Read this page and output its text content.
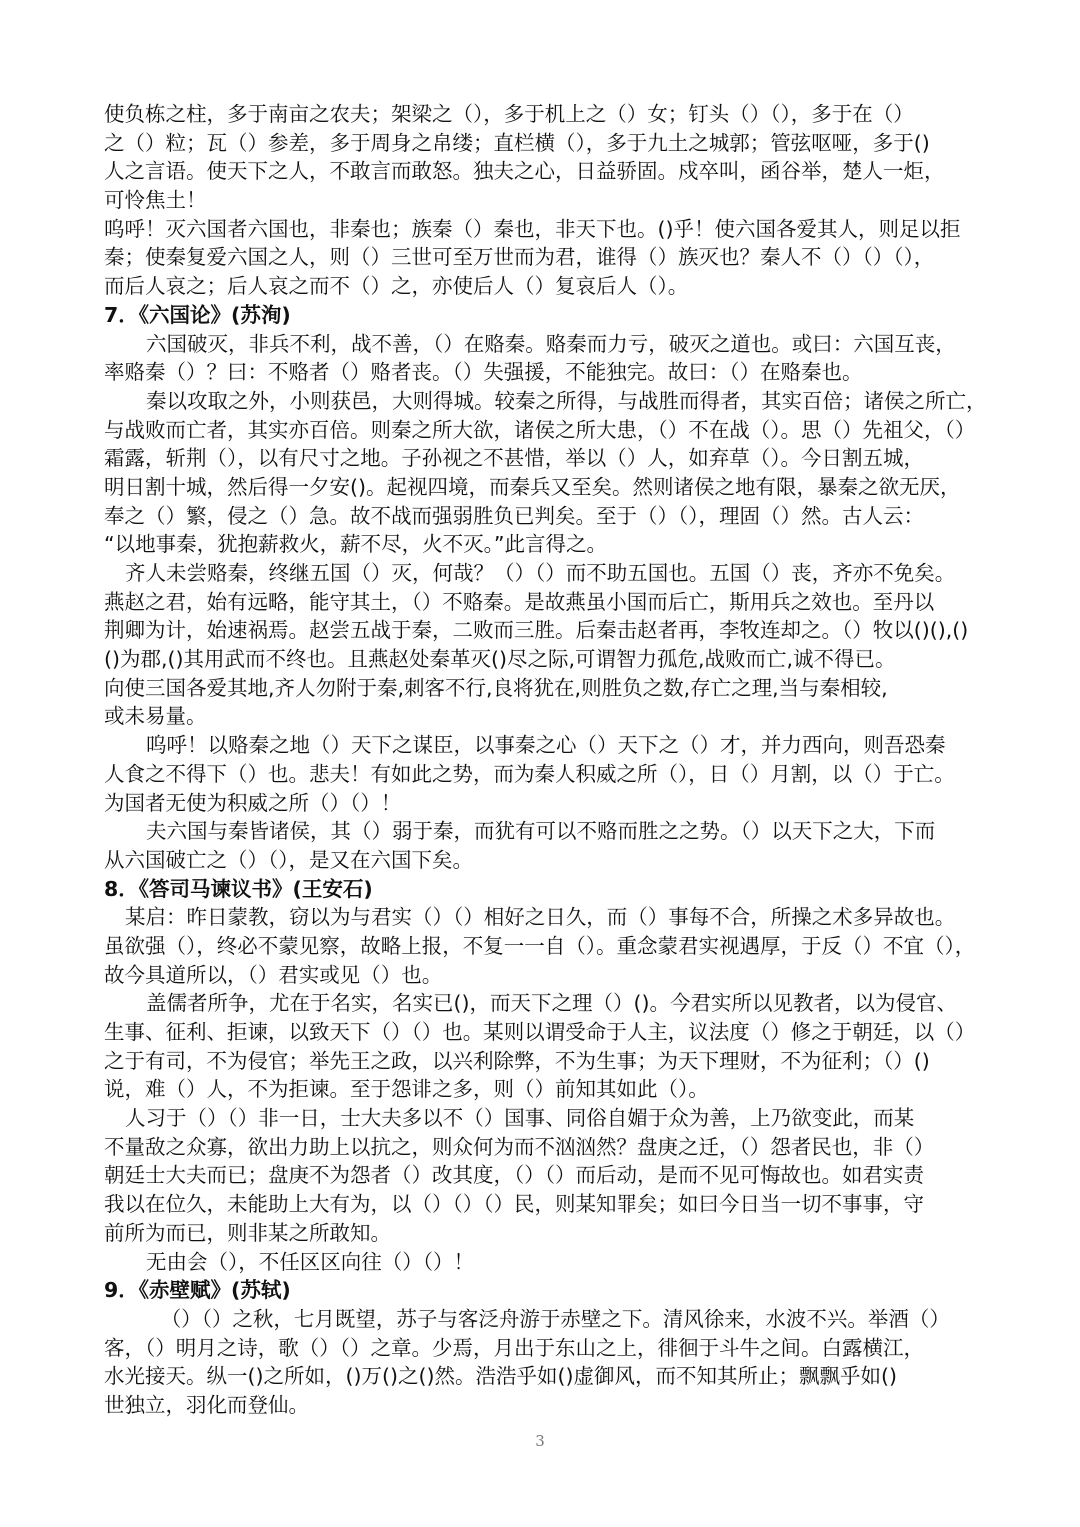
使负栋之柱，多于南亩之农夫；架梁之（），多于机上之（）女；钉头（）（），多于在（）
之（）粒；瓦（）参差，多于周身之帛缕；直栏横（），多于九土之城郭；管弦呕哑，多于()
人之言语。使天下之人，不敢言而敢怒。独夫之心，日益骄固。戍卒叫，函谷举，楚人一炬，
可怜焦土！
呜呼！灭六国者六国也，非秦也；族秦（）秦也，非天下也。()乎！使六国各爱其人，则足以拒
秦；使秦复爱六国之人，则（）三世可至万世而为君，谁得（）族灭也？秦人不（）（）（），
而后人哀之；后人哀之而不（）之，亦使后人（）复哀后人（）。
7．《六国论》(苏洵)
六国破灭，非兵不利，战不善，（）在赂秦。赂秦而力亏，破灭之道也。或曰：六国互丧，
率赂秦（）？曰：不赂者（）赂者丧。（）失强援，不能独完。故曰：（）在赂秦也。
秦以攻取之外，小则获邑，大则得城。较秦之所得，与战胜而得者，其实百倍；诸侯之所亡，
与战败而亡者，其实亦百倍。则秦之所大欲，诸侯之所大患，（）不在战（）。思（）先祖父，（）
霜露，斩荆（），以有尺寸之地。子孙视之不甚惜，举以（）人，如弃草（）。今日割五城，
明日割十城，然后得一夕安()。起视四境，而秦兵又至矣。然则诸侯之地有限，暴秦之欲无厌，
奉之（）繁，侵之（）急。故不战而强弱胜负已判矣。至于（）（），理固（）然。古人云：
“以地事秦，犹抱薪救火，薪不尽，火不灭。”此言得之。
齐人未尝赂秦，终继五国（）灭，何哉？（）（）而不助五国也。五国（）丧，齐亦不免矣。
燕赵之君，始有远略，能守其土，（）不赂秦。是故燕虽小国而后亡，斯用兵之效也。至丹以
荆卿为计，始速祸焉。赵尝五战于秦，二败而三胜。后秦击赵者再，李牧连却之。（）牧以()(),()
()为郡,()其用武而不终也。且燕赵处秦革灭()尽之际,可谓智力孤危,战败而亡,诚不得已。
向使三国各爱其地,齐人勿附于秦,刺客不行,良将犹在,则胜负之数,存亡之理,当与秦相较,
或未易量。
呜呼！以赂秦之地（）天下之谋臣，以事秦之心（）天下之（）才，并力西向，则吾恐秦
人食之不得下（）也。悲夫！有如此之势，而为秦人积威之所（），日（）月割，以（）于亡。
为国者无使为积威之所（）（）！
夫六国与秦皆诸侯，其（）弱于秦，而犹有可以不赂而胜之之势。（）以天下之大，下而
从六国破亡之（）（），是又在六国下矣。
8．《答司马谏议书》(王安石)
某启：昨日蒙教，窃以为与君实（）（）相好之日久，而（）事每不合，所操之术多异故也。
虽欲强（），终必不蒙见察，故略上报，不复一一自（）。重念蒙君实视遇厚，于反（）不宜（），
故今具道所以，（）君实或见（）也。
盖儒者所争，尤在于名实，名实已()，而天下之理（）()。今君实所以见教者，以为侵官、
生事、征利、拒谏，以致天下（）（）也。某则以谓受命于人主，议法度（）修之于朝廷，以（）
之于有司，不为侵官；举先王之政，以兴利除弊，不为生事；为天下理财，不为征利；（）()
说，难（）人，不为拒谏。至于怨诽之多，则（）前知其如此（）。
人习于（）（）非一日，士大夫多以不（）国事、同俗自媚于众为善，上乃欲变此，而某
不量敌之众寡，欲出力助上以抗之，则众何为而不汹汹然？盘庚之迁，（）怨者民也，非（）
朝廷士大夫而已；盘庚不为怨者（）改其度，（）（）而后动，是而不见可悔故也。如君实责
我以在位久，未能助上大有为，以（）（）（）民，则某知罪矣；如曰今日当一切不事事，守
前所为而已，则非某之所敢知。
无由会（），不任区区向往（）（）！
9．《赤壁赋》(苏轼)
（）（）之秋，七月既望，苏子与客泛舟游于赤壁之下。清风徐来，水波不兴。举酒（）
客，（）明月之诗，歌（）（）之章。少焉，月出于东山之上，徘徊于斗牛之间。白露横江，
水光接天。纵一()之所如，()万()之()然。浩浩乎如()虚御风，而不知其所止；飘飘乎如()
世独立，羽化而登仙。
3
